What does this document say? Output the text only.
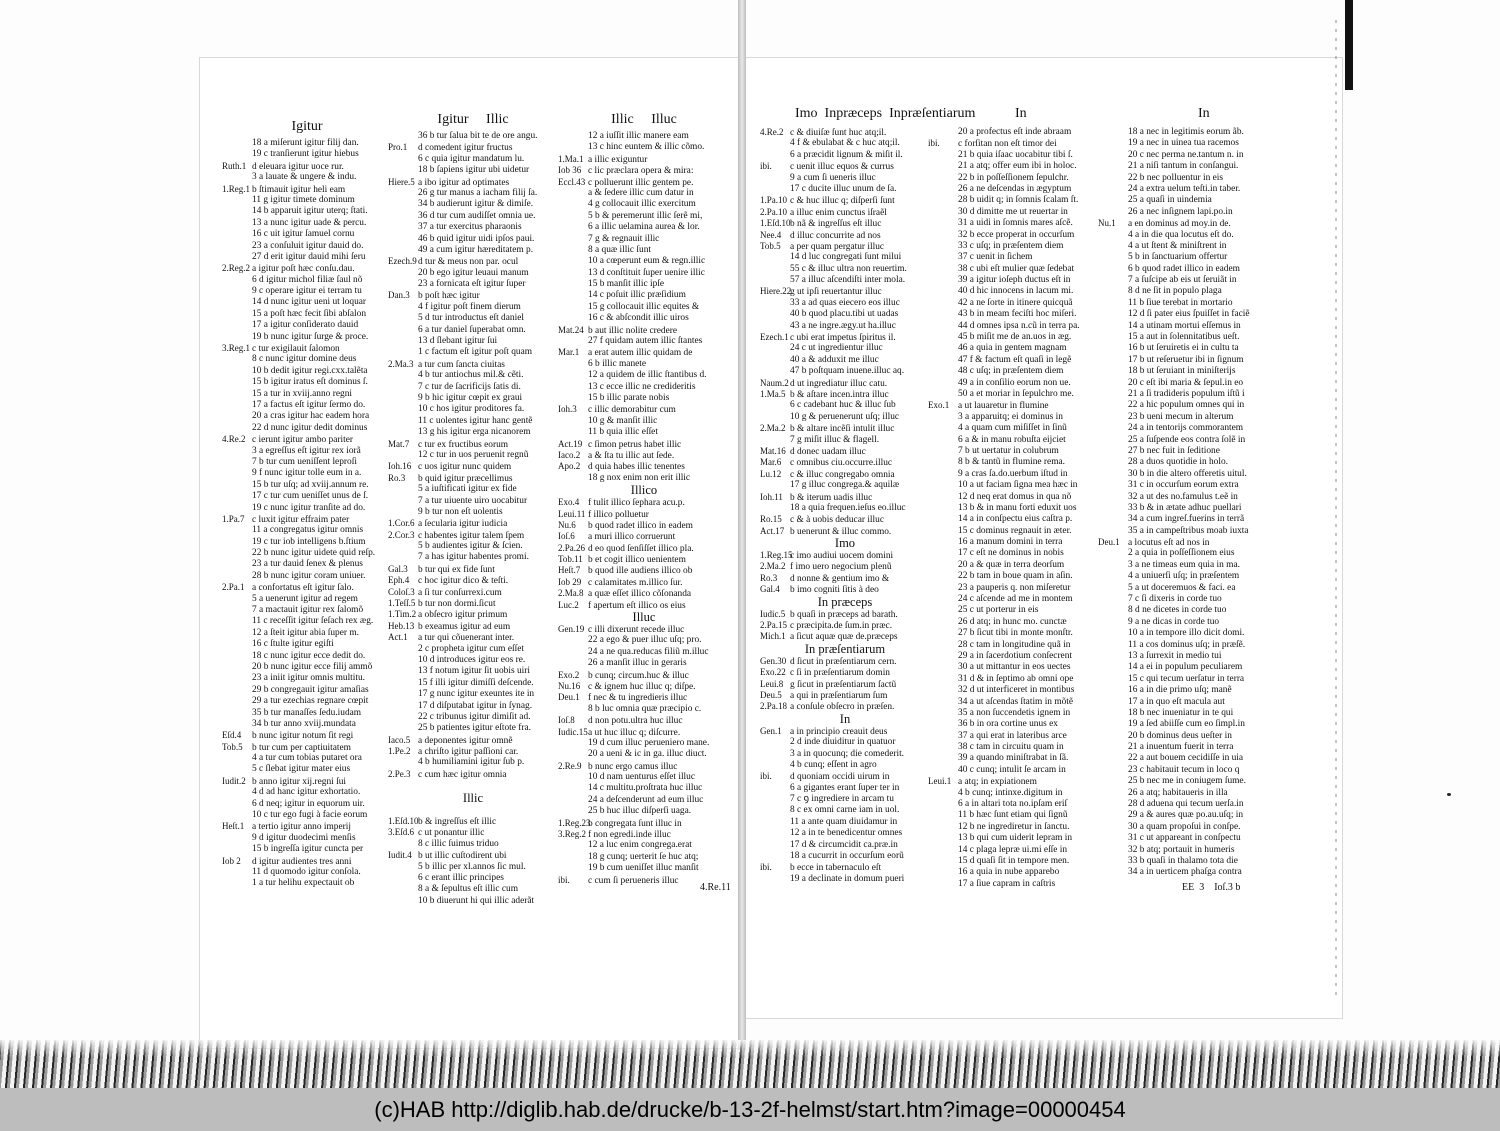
Igitur
18 a miſerunt igitur filij dan.
19 c tranſierunt igitur hiebus
Ruth.1 d eleuara igitur uoce rur.
3 a lauate & ungere & indu.
1.Reg.1 b ſtimauit igitur heli eam
11 g igitur timete dominum
14 b apparuit igitur uterq; ſtati.
13 a nunc igitur uade & percu.
16 c uit igitur ſamuel cornu
23 a conſuluit igitur dauid do.
27 d erit igitur dauid mihi ſeru
2.Reg.2 a igitur poſt hæc conſu.dau.
6 d igitur michol filiæ ſaul nõ
9 c operare igitur ei terram tu
14 d nunc igitur ueni ut loquar
15 a poſt hæc fecit ſibi abſalon
17 a igitur conſiderato dauid
19 b nunc igitur ſurge & proce.
3.Reg.1 c tur exigilauit ſalomon
8 c nunc igitur domine deus
10 b dedit igitur regi.cxx.talẽta
15 b igitur iratus eſt dominus ſ.
15 a tur in xviij.anno regni
17 a factus eſt igitur ſermo do.
20 a cras igitur hac eadem hora
22 d nunc igitur dedit dominus
4.Re.2 c ierunt igitur ambo pariter
3 a egreſſus eſt igitur rex iorã
7 b tur cum ueniſſent leproſi
9 f nunc igitur tolle eum in a.
15 b tur uſq; ad xviij.annum re.
17 c tur cum ueniſſet unus de ſ.
19 c nunc igitur tranſite ad do.
1.Pa.7 c luxit igitur effraim pater
11 a congregatus igitur omnis
19 c tur iob intelligens b.ſtium
22 b nunc igitur uidete quid reſp.
23 a tur dauid ſenex & plenus
28 b nunc igitur coram uniuer.
2.Pa.1 a confortatus eſt igitur ſalo.
5 a uenerunt igitur ad regem
7 a mactauit igitur rex ſalomõ
11 c receſſit igitur ſeſach rex æg.
12 a ſteit igitur abia ſuper m.
16 c ſtulte igitur egiſti
18 c nunc igitur ecce dedit do.
20 b nunc igitur ecce filij ammõ
23 a iniit igitur omnis multitu.
29 b congregauit igitur amaſias
29 a tur ezechias regnare cœpit
35 b tur manaſſes ſedu.iudam
34 b tur anno xviij.mundata
Eſd.4 b nunc igitur notum ſit regi
Tob.5 b tur cum per captiuitatem
4 a tur cum tobias putaret ora
5 c ſlebat igitur mater eius
Iudit.2 b anno igitur xij.regni ſui
4 d ad hanc igitur exhortatio.
6 d neq; igitur in equorum uir.
10 c tur ego fugi à facie eorum
Heſt.1 a tertio igitur anno imperij
9 d igitur duodecimi menſis
15 b ingreſſa igitur cuncta per
Iob 2 d igitur audientes tres anni
11 d quomodo igitur conſola.
1 a tur helihu expectauit ob
Igitur Illic
36 b tur ſalua bit te de ore angu.
Pro.1 d comedent igitur fructus
6 c quia igitur mandatum lu.
18 b ſapiens igitur ubi uidetur
Hiere.5 a ibo igitur ad optimates
26 g tur manus a iacham filij ſa.
34 b audierunt igitur & dimiſe.
36 d tur cum audiſſet omnia ue.
37 a tur exercitus pharaonis
46 b quid igitur uidi ipſos paui.
49 a cum igitur hæreditatem p.
Ezech.9d tur & meus non par. ocul
20 b ego igitur leuaui manum
23 a fornicata eſt igitur ſuper
Dan.3 b poſt hæc igitur
4 f igitur poſt finem dierum
5 d tur introductus eſt daniel
6 a tur daniel ſuperabat omn.
13 d ſlebant igitur ſui
1 c factum eſt igitur poſt quam
2.Ma.3 a tur cum ſancta ciuitas
4 b tur antiochus mil.& cẽti.
7 c tur de ſacrificijs ſatis di.
9 b hic igitur cœpit ex graui
10 c hos igitur proditores fa.
11 c uolentes igitur hanc gentẽ
13 g his igitur erga nicanorem
Mat.7 c tur ex fructibus eorum
12 c tur in uos peruenit regnũ
Ioh.16 c uos igitur nunc quidem
Ro.3 b quid igitur præcellimus
5 a iuſtificati igitur ex fide
7 a tur uiuente uiro uocabitur
9 b tur non eſt uolentis
1.Cor.6 a ſecularia igitur iudicia
2.Cor.3 c habentes igitur talem ſpem
5 b audientes igitur & ſcien.
7 a has igitur habentes promi.
Gal.3 b tur qui ex fide ſunt
Eph.4 c hoc igitur dico & teſti.
Coloſ.3 a ſi tur conſurrexi.cum
1.Teſſ.5 b tur non dormi.ſicut
1.Tim.2 a obſecro igitur primum
Heb.13 b exeamus igitur ad eum
Act.1 a tur qui cõuenerant inter.
2 c propheta igitur cum eſſet
10 d introduces igitur eos re.
13 f notum igitur ſit uobis uiri
15 f illi igitur dimiſſi deſcende.
17 g nunc igitur exeuntes ite in
17 d diſputabat igitur in ſynag.
22 c tribunus igitur dimiſit ad.
25 b patientes igitur eſtote fra.
Iaco.5 a deponentes igitur omnẽ
1.Pe.2 a chriſto igitur paſſioni car.
4 b humiliamini igitur ſub p.
2.Pe.3 c cum hæc igitur omnia
Illic
1.Eſd.10b & ingreſſus eſt illic
3.Eſd.6 c ut ponantur illic
8 c illic ſuimus triduo
Iudit.4 b ut illic cuſtodirent ubi
5 b illic per xl.annos ſic mul.
6 c erant illic principes
8 a & ſepultus eſt illic cum
10 b diuerunt hi qui illic aderãt
Illic Illuc
12 a iuſſit illic manere eam
13 c hinc euntem & illic cõmo.
1.Ma.1 a illic exiguntur
Iob 36 c lic præclara opera & mira:
Eccl.43 c polluerunt illic gentem pe.
a & ſedere illic cum datur in
4 g collocauit illic exercitum
5 b & peremerunt illic ſerẽ mi,
6 a illic uelamina aurea & lor.
7 g & regnauit illic
8 a quæ illic ſunt
10 a cœperunt eum & regn.illic
13 d conſtituit ſuper uenire illic
15 b manſit illic ipſe
14 c poſuit illic præſidium
15 g collocauit illic equites &
16 c & abſcondit illic uiros
Mat.24 b aut illic nolite credere
27 f quidam autem illic ſtantes
Mar.1 a erat autem illic quidam de
6 b illic manete
12 a quidem de illic ſtantibus d.
13 c ecce illic ne credideritis
15 b illic parate nobis
Ioh.3 c illic demorabitur cum
10 g & manſit illic
11 b quia illic eſſet
Act.19 c ſimon petrus habet illic
Iaco.2 a & ſta tu illic aut ſede.
Apo.2 d quia habes illic tenentes
18 g nox enim non erit illic
Illico
Exo.4 f tulit illico ſephara acu.p.
Leui.11 f illico polluetur
Nu.6 b quod radet illico in eadem
Ioſ.6 a muri illico corruerunt
2.Pa.26 d eo quod ſenſiſſet illico pla.
Tob.11 b et cogit illico uenientem
Heſt.7 b quod ille audiens illico ob
Iob 29 c calamitates m.illico ſur.
2.Ma.8 a quæ eſſet illico cõſonanda
Luc.2 f apertum eſt illico os eius
Illuc
Gen.19 c illi dixerunt recede illuc
22 a ego & puer illuc uſq; pro.
24 a ne qua.reducas filiũ m.illuc
26 a manſit illuc in geraris
Exo.2 b cunq; circum.huc & illuc
Nu.16 c & ignem huc illuc q; diſpe.
Deu.1 f nec & tu ingredieris illuc
8 b luc omnia quæ præcipio c.
Ioſ.8 d non potu.ultra huc illuc
Iudic.15a ut huc illuc q; diſcurre.
19 d cum illuc perueniero mane.
20 a ueni & ic in ga. illuc diuct.
2.Re.9 b nunc ergo camus illuc
10 d nam uenturus eſſet illuc
14 c multitu.proſtrata huc illuc
24 a deſcenderunt ad eum illuc
25 b huc illuc diſperſi uaga.
1.Reg.23b congregata ſunt illuc in
3.Reg.2 f non egredi.inde illuc
12 a luc enim congrega.erat
18 g cunq; uerterit ſe huc atq;
19 b cum ueniſſet illuc manſit
ibi. c cum ſi perueneris illuc
4.Re.11
Imo  Inpræceps  Inpræſentiarum	In	In
4.Re.2 c & diuiſæ ſunt huc atq;il.
4 f & ebulabat & c huc atq;il.
6 a præcidit lignum & miſit il.
ibi. c uenit illuc equos & currus
9 a cum ſi ueneris illuc
17 c ducite illuc unum de ſa.
1.Pa.10 c & huc illuc q; diſperſi ſunt
2.Pa.10 a illuc enim cunctus iſraẽl
1.Eſd.10b nã & ingreſſus eſt illuc
Nee.4 d illuc concurrite ad nos
Tob.5 a per quam pergatur illuc
14 d luc congregati ſunt milui
55 c & illuc ultra non reuertim.
57 a illuc aſcendiſti inter mola.
Hiere.22g ut ipſi reuertantur illuc
33 a ad quas eiecero eos illuc
40 b quod placu.tibi ut uadas
43 a ne ingre.ægy.ut ha.illuc
Ezech.1c ubi erat impetus ſpiritus il.
24 c ut ingredientur illuc
40 a & adduxit me illuc
47 b poſtquam inuene.illuc aq.
Naum.2d ut ingrediatur illuc catu.
1.Ma.5 b & aſtare incen.intra illuc
6 c cadebant huc & illuc ſub
10 g & peruenerunt uſq; illuc
2.Ma.2 b & altare incẽſi intulit illuc
7 g miſit illuc & flagell.
Mat.16 d donec uadam illuc
Mar.6 c omnibus ciu.occurre.illuc
Lu.12 c & illuc congregabo omnia
17 g illuc congrega.& aquilæ
Ioh.11 b & iterum uadis illuc
18 a quia frequen.ieſus eo.illuc
Ro.15 c & à uobis deducar illuc
Act.17 b uenerunt & illuc commo.
Imo
1.Reg.15c imo audiui uocem domini
2.Ma.2 f imo uero negocium plenũ
Ro.3 d nonne & gentium imo &
Gal.4 b imo cogniti ſitis à deo
In præceps
Iudic.5 b quaſi in præceps ad barath.
2.Pa.15 c præcipita.de ſum.in præc.
Mich.1 a ſicut aquæ quæ de.præceps
In præſentiarum
Gen.30 d ſicut in præſentiarum cern.
Exo.22 c ſi in præſentiarum domin
Leui.8 g ſicut in præſentiarum ſactũ
Deu.5 a qui in præſentiarum ſum
2.Pa.18 a conſule obſecro in præſen.
In
Gen.1 a in principio creauit deus
2 d inde diuiditur in quatuor
3 a in quocunq; die comederit.
4 b cunq; eſſent in agro
ibi. d quoniam occidi uirum in
6 a gigantes erant ſuper ter in
7 c ꝯ ingrediere in arcam tu
8 c ex omni carne iam in uol.
11 a ante quam diuidamur in
12 a in te benedicentur omnes
17 d & circumcidit ca.præ.in
18 a cucurrit in occurſum eorũ
ibi. b ecce in tabernaculo eſt
19 a declinate in domum pueri
20 a profectus eſt inde abraam
ibi. c forſitan non eſt timor dei
21 b quia iſaac uocabitur tibi ſ.
21 a atq; offer eum ibi in holoc.
22 b in poſſeſſionem ſepulchr.
26 a ne deſcendas in ægyptum
28 b uidit q; in ſomnis ſcalam ſt.
30 d dimitte me ut reuertar in
31 a uidi in ſomnis mares aſcẽ.
32 b ecce properat in occurſum
33 c uſq; in præſentem diem
37 c uenit in ſichem
38 c ubi eſt mulier quæ ſedebat
39 a igitur ioſeph ductus eſt in
40 d hic innocens in lacum mi.
42 a ne ſorte in itinere quicquã
43 b in meam feciſti hoc miſeri.
44 d omnes ipsa n.cũ in terra pa.
45 b miſit me de an.uos in æg.
46 a quia in gentem magnam
47 f & factum eſt quaſi in legẽ
48 c uſq; in præſentem diem
49 a in conſilio eorum non ue.
50 a et moriar in ſepulchro me.
Exo.1 a ut lauaretur in flumine
3 a apparuitq; ei dominus in
4 a quam cum miſiſſet in ſinũ
6 a & in manu robuſta eijciet
7 b ut uertatur in colubrum
8 b & tantũ in flumine rema.
9 a cras ſa.do.uerbum iſtud in
10 a ut faciam ſigna mea hæc in
12 d neq erat domus in qua nõ
13 b & in manu forti eduxit uos
14 a in conſpectu eius caſtra p.
15 c dominus regnauit in æter.
16 a manum domini in terra
17 c eſt ne dominus in nobis
20 a & quæ in terra deorſum
22 b tam in boue quam in aſin.
23 a pauperis q. non miſeretur
24 c aſcende ad me in montem
25 c ut porterur in eis
26 d atq; in hunc mo. cunctæ
27 b ſicut tibi in monte monſtr.
28 c tam in longitudine quã in
29 a in ſacerdotium conſecrent
30 a ut mittantur in eos uectes
31 d & in ſeptimo ab omni ope
32 d ut interficeret in montibus
34 a ut aſcendas ſtatim in mõtẽ
35 a non ſuccendetis ignem in
36 b in ora cortine unus ex
37 a qui erat in lateribus arce
38 c tam in circuitu quam in
39 a quando miniſtrabat in ſã.
40 c cunq; intulit ſe arcam in
Leui.1 a atq; in expiationem
4 b cunq; intinxe.digitum in
6 a in altari tota no.ipſam eriſ
11 b hæc ſunt etiam qui ſignũ
12 b ne ingrediretur in ſanctu.
13 b qui cum uiderit lepram in
14 c plaga lepræ ui.mi eſſe in
15 d quaſi ſit in tempore men.
16 a quia in nube apparebo
17 a ſiue capram in caſtris
18 a nec in legitimis eorum ãb.
19 a nec in uinea tua racemos
20 c nec perma ne.tantum n. in
21 a niſi tantum in conſangui.
22 b nec polluentur in eis
24 a extra uelum teſti.in taber.
25 a quaſi in uindemia
26 a nec inſignem lapi.po.in
Nu.1 a en dominus ad moy.in de.
4 a in die qua locutus eſt do.
4 a ut ſtent & miniſtrent in
5 b in ſanctuarium offertur
6 b quod radet illico in eadem
7 a ſuſcipe ab eis ut ſeruiãt in
8 d ne ſit in populo plaga
11 b ſiue terebat in mortario
12 d ſi pater eius ſpuiſſet in faciẽ
14 a utinam mortui eſſemus in
15 a aut in ſolennitatibus ueſt.
16 b ut ſeruiretis ei in cultu ta
17 b ut reſeruetur ibi in ſignum
18 b ut ſeruiant in miniſterijs
20 c eſt ibi maria & ſepul.in eo
21 a ſi tradideris populum iſtũ i
22 a hic populum omnes qui in
23 b ueni mecum in alterum
24 a in tentorijs commorantem
25 a ſuſpende eos contra ſolẽ in
27 b nec fuit in ſeditione
28 a duos quotidie in holo.
30 b in die altero offeretis uitul.
31 c in occurſum eorum extra
32 a ut des no.famulus t.eẽ in
33 b & in ætate adhuc puellari
34 a cum ingreſ.fuerins in terrã
35 a in campeſtribus moab iuxta
Deu.1 a locutus eſt ad nos in
2 a quia in poſſeſſionem eius
3 a ne timeas eum quia in ma.
4 a uniuerſi uſq; in præſentem
5 a ut doceremuos & faci. ea
7 c ſi dixeris in corde tuo
8 d ne dicetes in corde tuo
9 a ne dicas in corde tuo
10 a in tempore illo dicit domi.
11 a cos dominus uſq; in præſẽ.
13 a ſurrexit in medio tui
14 a ei in populum peculiarem
15 c qui tecum uerſatur in terra
16 a in die primo uſq; manẽ
17 a in quo eſt macula aut
18 b nec inueniatur in te qui
19 a ſed abiiſſe cum eo ſimpl.in
20 b dominus deus ueſter in
21 a inuentum fuerit in terra
22 a aut bouem cecidiſſe in uia
23 c habitauit tecum in loco q
25 b nec me in coniugem ſume.
26 a atq; habitaueris in illa
28 d aduena qui tecum uerſa.in
29 a & aures quæ po.au.uſq; in
30 a quam propoſui in conſpe.
31 c ut appareant in conſpectu
32 b atq; portauit in humeris
33 b quaſi in thalamo tota die
34 a in uerticem phaſga contra
EE  3    Ioſ.3 b
(c)HAB http://diglib.hab.de/drucke/b-13-2f-helmst/start.htm?image=00000454
